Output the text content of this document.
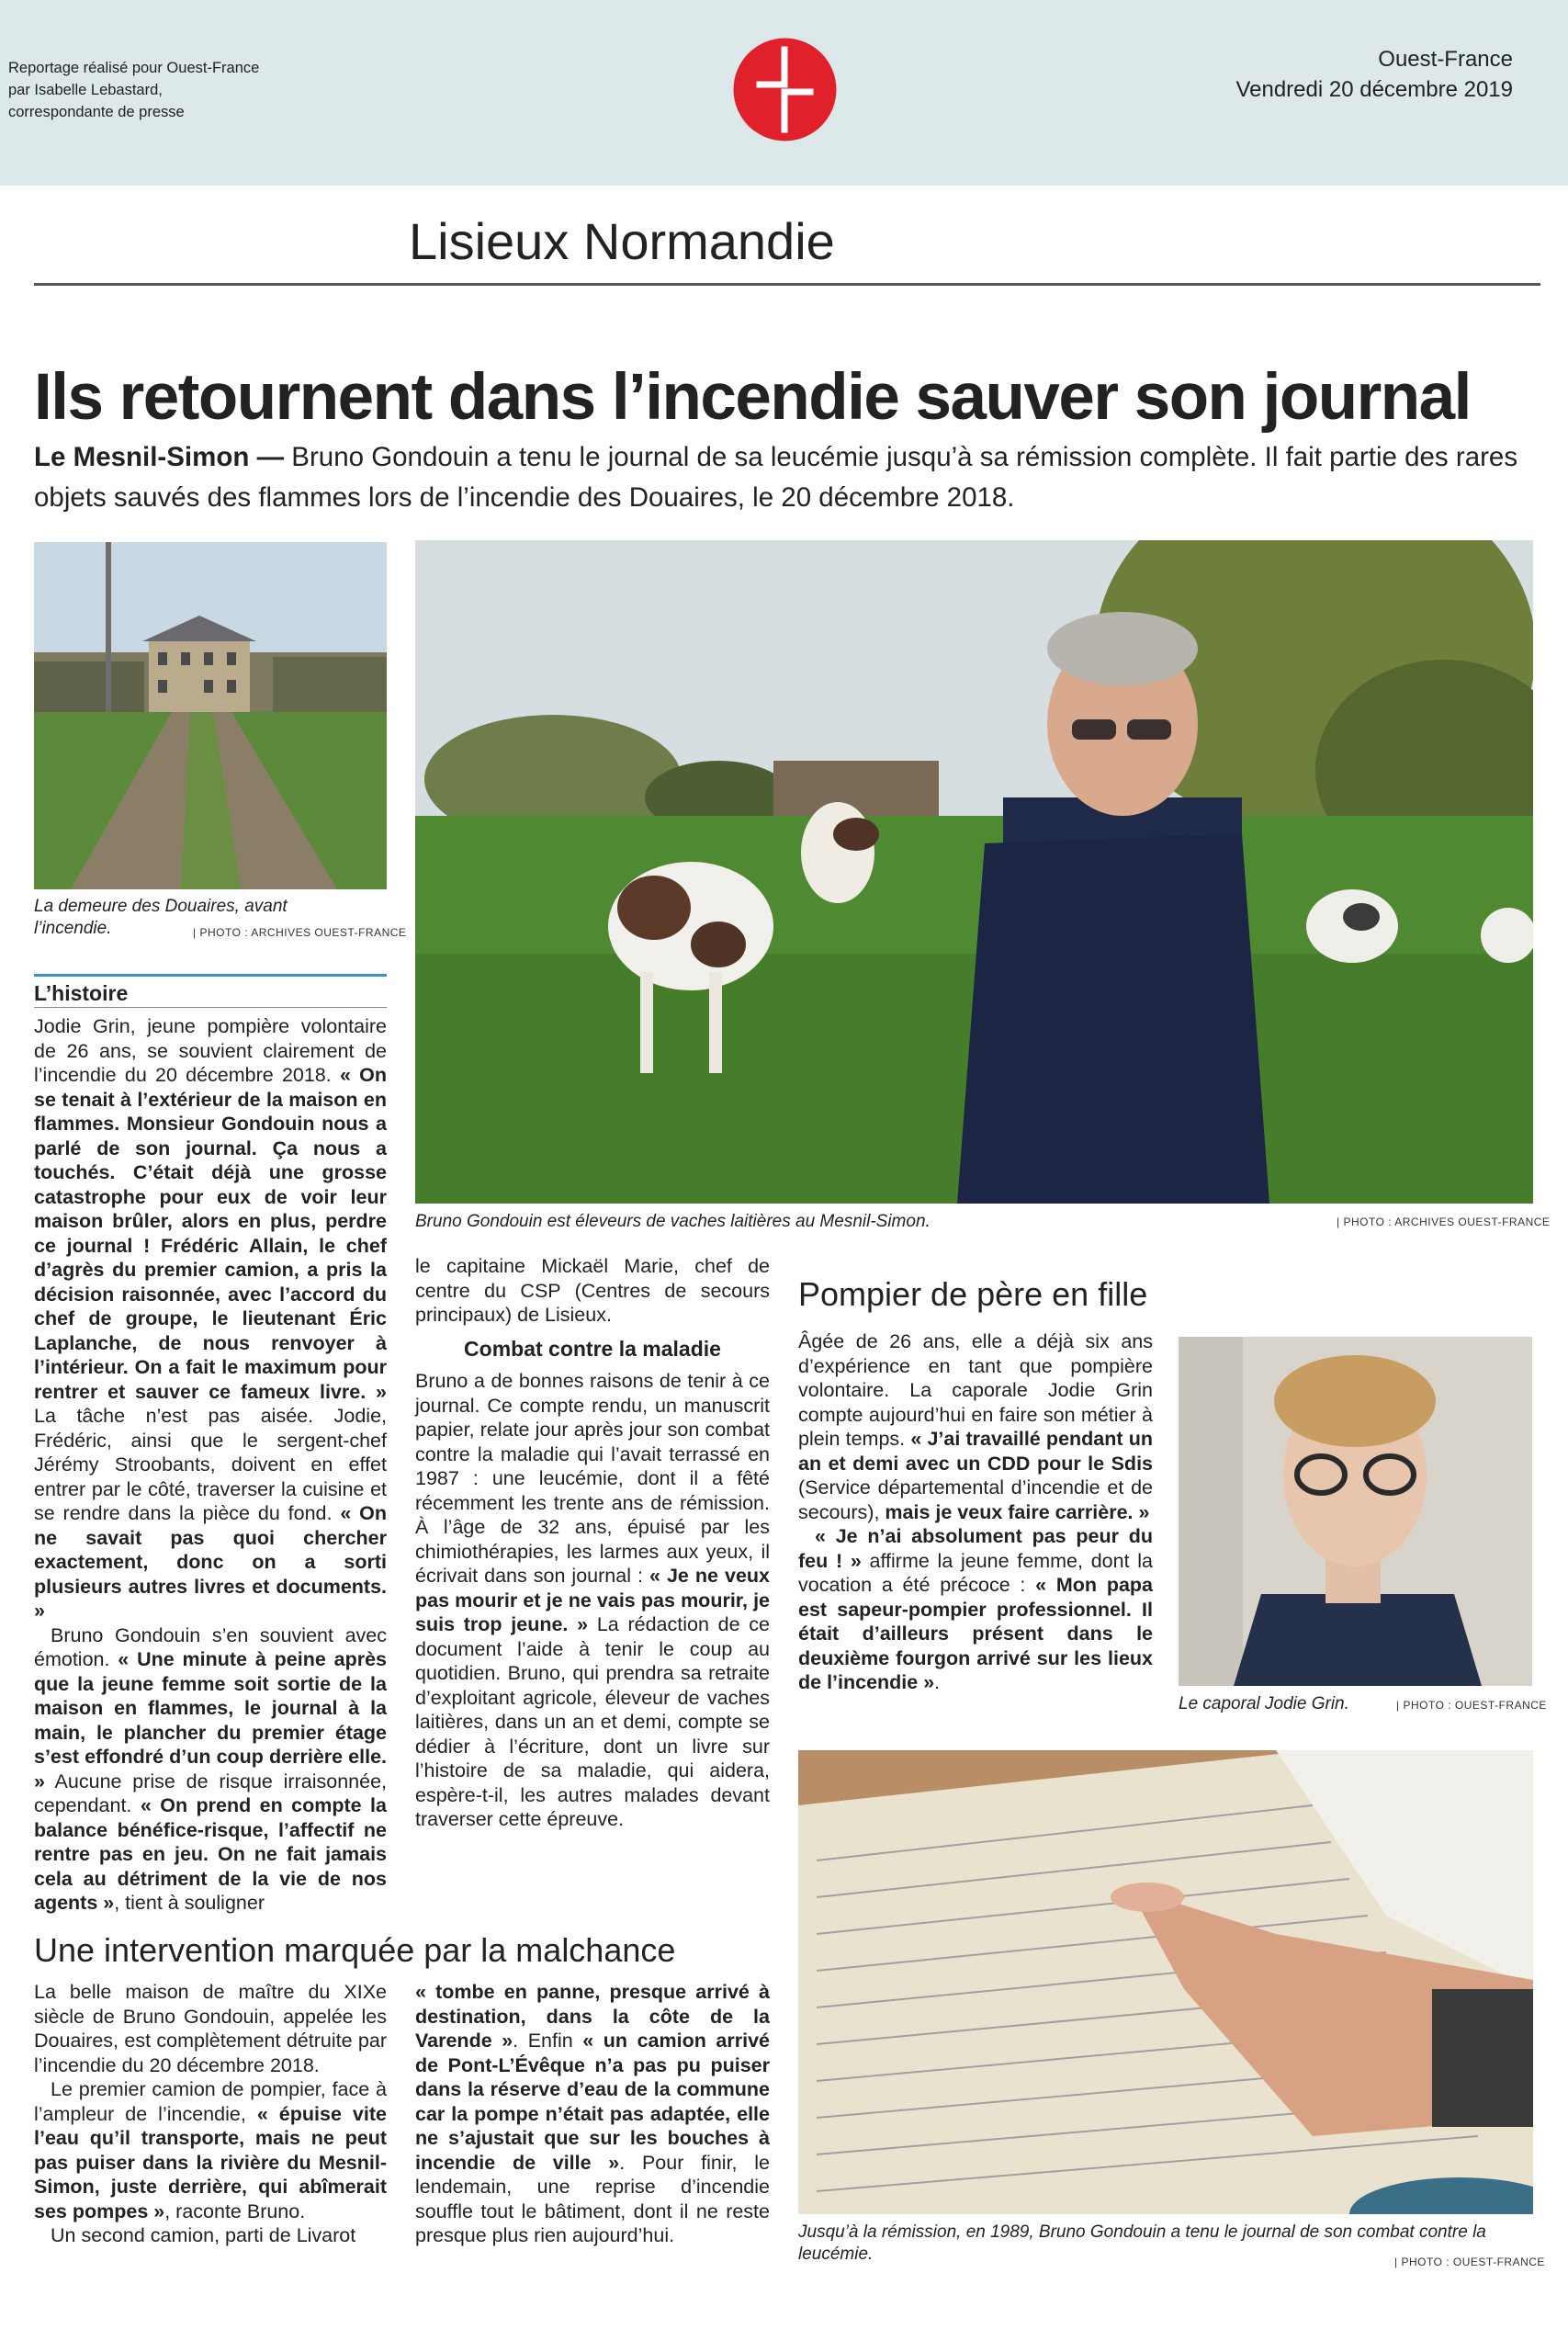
Reportage réalisé pour Ouest-France
par Isabelle Lebastard,
correspondante de presse
Ouest-France
Vendredi 20 décembre 2019
Lisieux Normandie
Ils retournent dans l’incendie sauver son journal
Le Mesnil-Simon — Bruno Gondouin a tenu le journal de sa leucémie jusqu’à sa rémission complète. Il fait partie des rares objets sauvés des flammes lors de l’incendie des Douaires, le 20 décembre 2018.
La demeure des Douaires, avant l’incendie.	| PHOTO : ARCHIVES OUEST-FRANCE
Bruno Gondouin est éleveurs de vaches laitières au Mesnil-Simon.	| PHOTO : ARCHIVES OUEST-FRANCE
L’histoire

Jodie Grin, jeune pompière volontaire de 26 ans, se souvient clairement de l’incendie du 20 décembre 2018. « On se tenait à l’extérieur de la maison en flammes. Monsieur Gondouin nous a parlé de son journal. Ça nous a touchés. C’était déjà une grosse catastrophe pour eux de voir leur maison brûler, alors en plus, perdre ce journal ! Frédéric Allain, le chef d’agrès du premier camion, a pris la décision raisonnée, avec l’accord du chef de groupe, le lieutenant Éric Laplanche, de nous renvoyer à l’intérieur. On a fait le maximum pour rentrer et sauver ce fameux livre. » La tâche n’est pas aisée. Jodie, Frédéric, ainsi que le sergent-chef Jérémy Stroobants, doivent en effet entrer par le côté, traverser la cuisine et se rendre dans la pièce du fond. « On ne savait pas quoi chercher exactement, donc on a sorti plusieurs autres livres et documents. »

Bruno Gondouin s’en souvient avec émotion. « Une minute à peine après que la jeune femme soit sortie de la maison en flammes, le journal à la main, le plancher du premier étage s’est effondré d’un coup derrière elle. » Aucune prise de risque irraisonnée, cependant. « On prend en compte la balance bénéfice-risque, l’affectif ne rentre pas en jeu. On ne fait jamais cela au détriment de la vie de nos agents », tient à souligner

le capitaine Mickaël Marie, chef de centre du CSP (Centres de secours principaux) de Lisieux.

Combat contre la maladie

Bruno a de bonnes raisons de tenir à ce journal. Ce compte rendu, un manuscrit papier, relate jour après jour son combat contre la maladie qui l’avait terrassé en 1987 : une leucémie, dont il a fêté récemment les trente ans de rémission. À l’âge de 32 ans, épuisé par les chimiothérapies, les larmes aux yeux, il écrivait dans son journal : « Je ne veux pas mourir et je ne vais pas mourir, je suis trop jeune. » La rédaction de ce document l’aide à tenir le coup au quotidien. Bruno, qui prendra sa retraite d’exploitant agricole, éleveur de vaches laitières, dans un an et demi, compte se dédier à l’écriture, dont un livre sur l’histoire de sa maladie, qui aidera, espère-t-il, les autres malades devant traverser cette épreuve.

Pompier de père en fille

Âgée de 26 ans, elle a déjà six ans d’expérience en tant que pompière volontaire. La caporale Jodie Grin compte aujourd’hui en faire son métier à plein temps. « J’ai travaillé pendant un an et demi avec un CDD pour le Sdis (Service départemental d’incendie et de secours), mais je veux faire carrière. »

« Je n’ai absolument pas peur du feu ! » affirme la jeune femme, dont la vocation a été précoce : « Mon papa est sapeur-pompier professionnel. Il était d’ailleurs présent dans le deuxième fourgon arrivé sur les lieux de l’incendie ».

Le caporal Jodie Grin.	| PHOTO : OUEST-FRANCE
Une intervention marquée par la malchance

La belle maison de maître du XIXe siècle de Bruno Gondouin, appelée les Douaires, est complètement détruite par l’incendie du 20 décembre 2018.

Le premier camion de pompier, face à l’ampleur de l’incendie, « épuise vite l’eau qu’il transporte, mais ne peut pas puiser dans la rivière du Mesnil-Simon, juste derrière, qui abîmerait ses pompes », raconte Bruno.

Un second camion, parti de Livarot

« tombe en panne, presque arrivé à destination, dans la côte de la Varende ». Enfin « un camion arrivé de Pont-L’Évêque n’a pas pu puiser dans la réserve d’eau de la commune car la pompe n’était pas adaptée, elle ne s’ajustait que sur les bouches à incendie de ville ». Pour finir, le lendemain, une reprise d’incendie souffle tout le bâtiment, dont il ne reste presque plus rien aujourd’hui.	Jusqu’à la rémission, en 1989, Bruno Gondouin a tenu le journal de son combat contre la leucémie.	| PHOTO : OUEST-FRANCE
